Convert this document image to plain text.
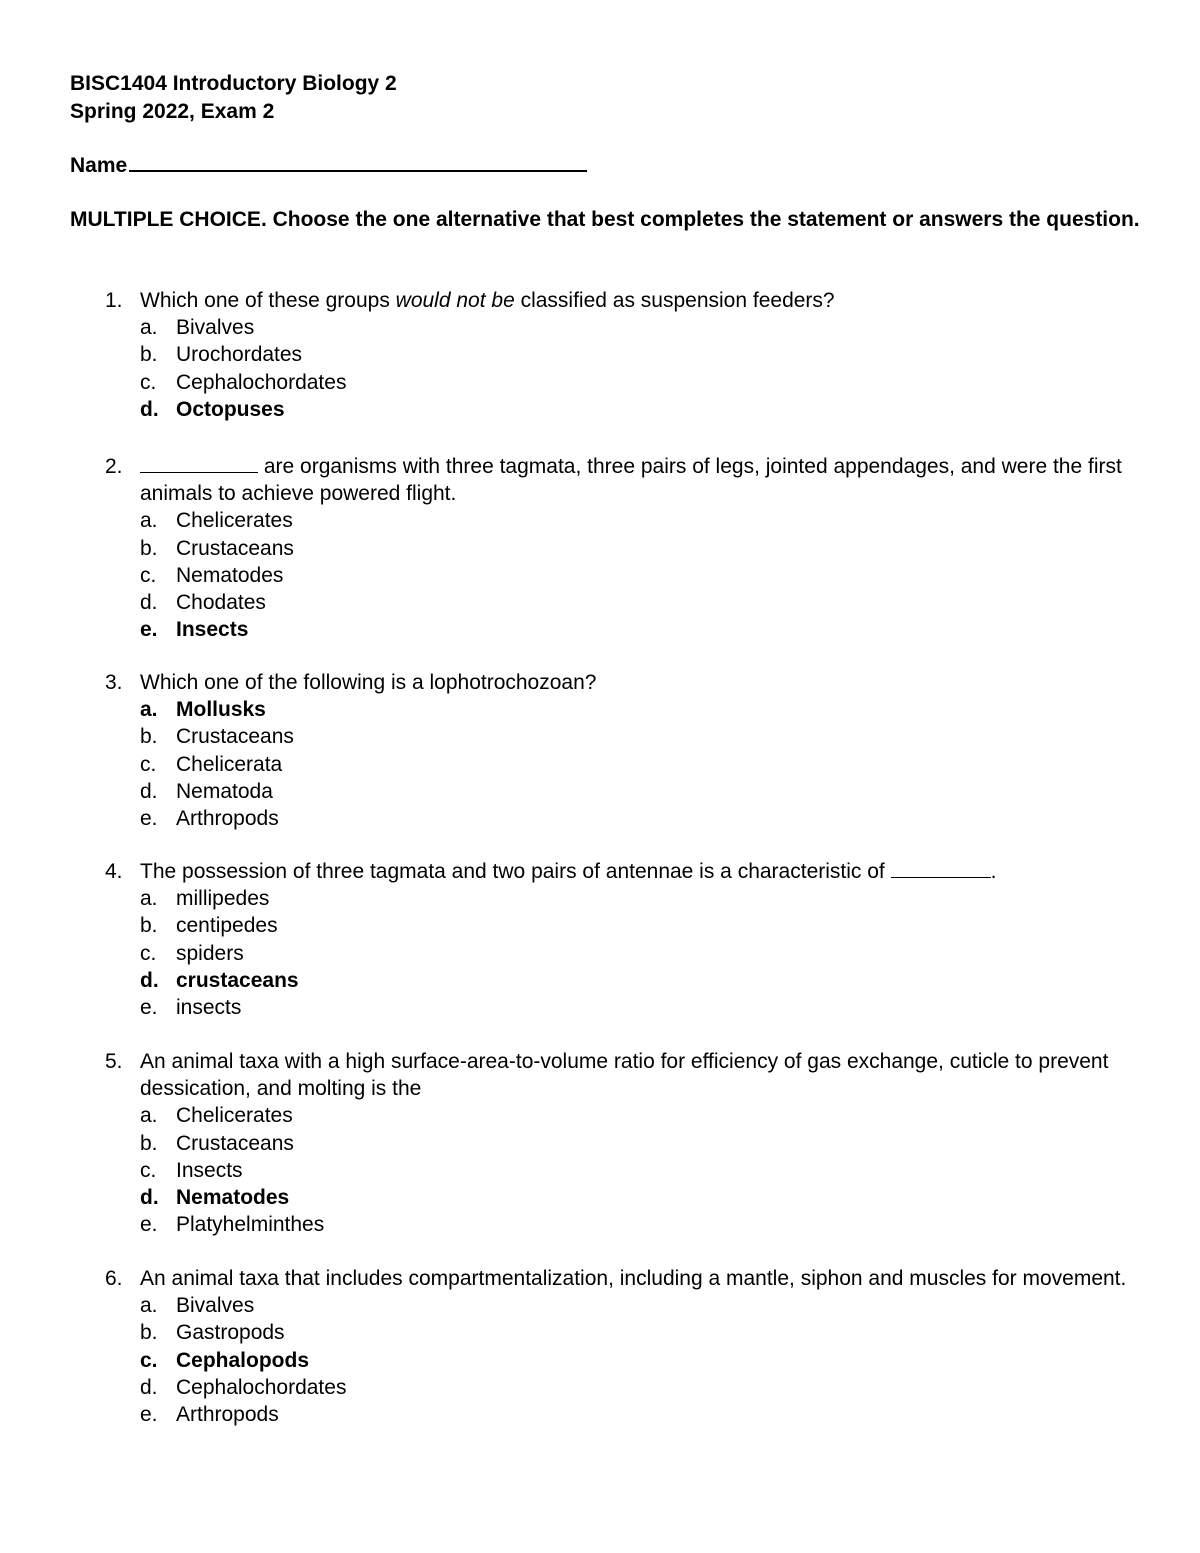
BISC1404 Introductory Biology 2
Spring 2022, Exam 2
Name
MULTIPLE CHOICE. Choose the one alternative that best completes the statement or answers the question.
1. Which one of these groups would not be classified as suspension feeders?
a. Bivalves
b. Urochordates
c. Cephalochordates
d. Octopuses
2.	are organisms with three tagmata, three pairs of legs, jointed appendages, and were the first animals to achieve powered flight.
a. Chelicerates
b. Crustaceans
c. Nematodes
d. Chodates
e. Insects
3. Which one of the following is a lophotrochozoan?
a. Mollusks
b. Crustaceans
c. Chelicerata
d. Nematoda
e. Arthropods
4. The possession of three tagmata and two pairs of antennae is a characteristic of	.
a. millipedes
b. centipedes
c. spiders
d. crustaceans
e. insects
5. An animal taxa with a high surface-area-to-volume ratio for efficiency of gas exchange, cuticle to prevent dessication, and molting is the
a. Chelicerates
b. Crustaceans
c. Insects
d. Nematodes
e. Platyhelminthes
6. An animal taxa that includes compartmentalization, including a mantle, siphon and muscles for movement.
a. Bivalves
b. Gastropods
c. Cephalopods
d. Cephalochordates
e. Arthropods
